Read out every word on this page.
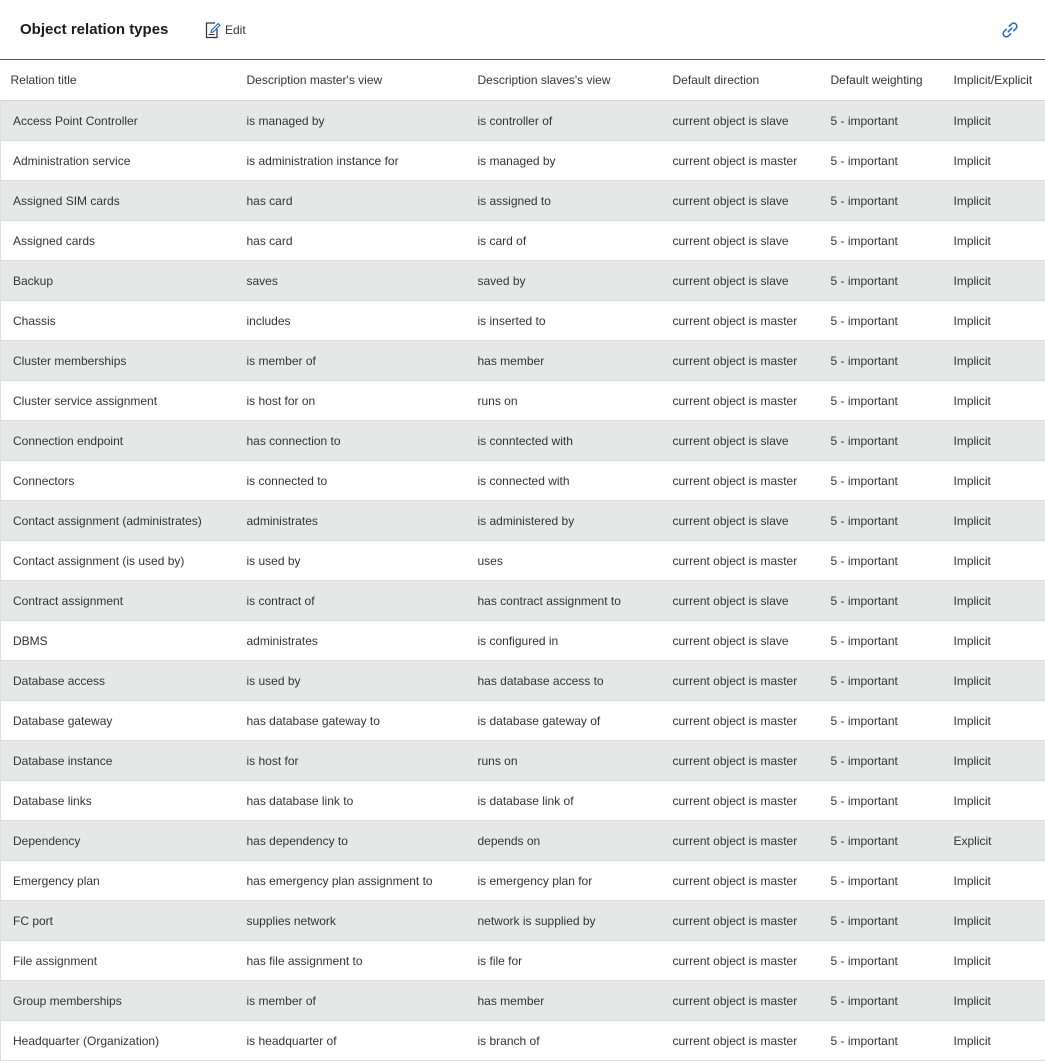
Object relation types	Edit
Relation title	Description master's view	Description slaves's view	Default direction	Default weighting	Implicit/Explicit
Access Point Controller	is managed by	is controller of	current object is slave	5 - important	Implicit
Administration service	is administration instance for	is managed by	current object is master	5 - important	Implicit
Assigned SIM cards	has card	is assigned to	current object is slave	5 - important	Implicit
Assigned cards	has card	is card of	current object is slave	5 - important	Implicit
Backup	saves	saved by	current object is slave	5 - important	Implicit
Chassis	includes	is inserted to	current object is master	5 - important	Implicit
Cluster memberships	is member of	has member	current object is master	5 - important	Implicit
Cluster service assignment	is host for on	runs on	current object is master	5 - important	Implicit
Connection endpoint	has connection to	is conntected with	current object is slave	5 - important	Implicit
Connectors	is connected to	is connected with	current object is master	5 - important	Implicit
Contact assignment (administrates)	administrates	is administered by	current object is slave	5 - important	Implicit
Contact assignment (is used by)	is used by	uses	current object is master	5 - important	Implicit
Contract assignment	is contract of	has contract assignment to	current object is slave	5 - important	Implicit
DBMS	administrates	is configured in	current object is slave	5 - important	Implicit
Database access	is used by	has database access to	current object is master	5 - important	Implicit
Database gateway	has database gateway to	is database gateway of	current object is master	5 - important	Implicit
Database instance	is host for	runs on	current object is master	5 - important	Implicit
Database links	has database link to	is database link of	current object is master	5 - important	Implicit
Dependency	has dependency to	depends on	current object is master	5 - important	Explicit
Emergency plan	has emergency plan assignment to	is emergency plan for	current object is master	5 - important	Implicit
FC port	supplies network	network is supplied by	current object is master	5 - important	Implicit
File assignment	has file assignment to	is file for	current object is master	5 - important	Implicit
Group memberships	is member of	has member	current object is master	5 - important	Implicit
Headquarter (Organization)	is headquarter of	is branch of	current object is master	5 - important	Implicit
